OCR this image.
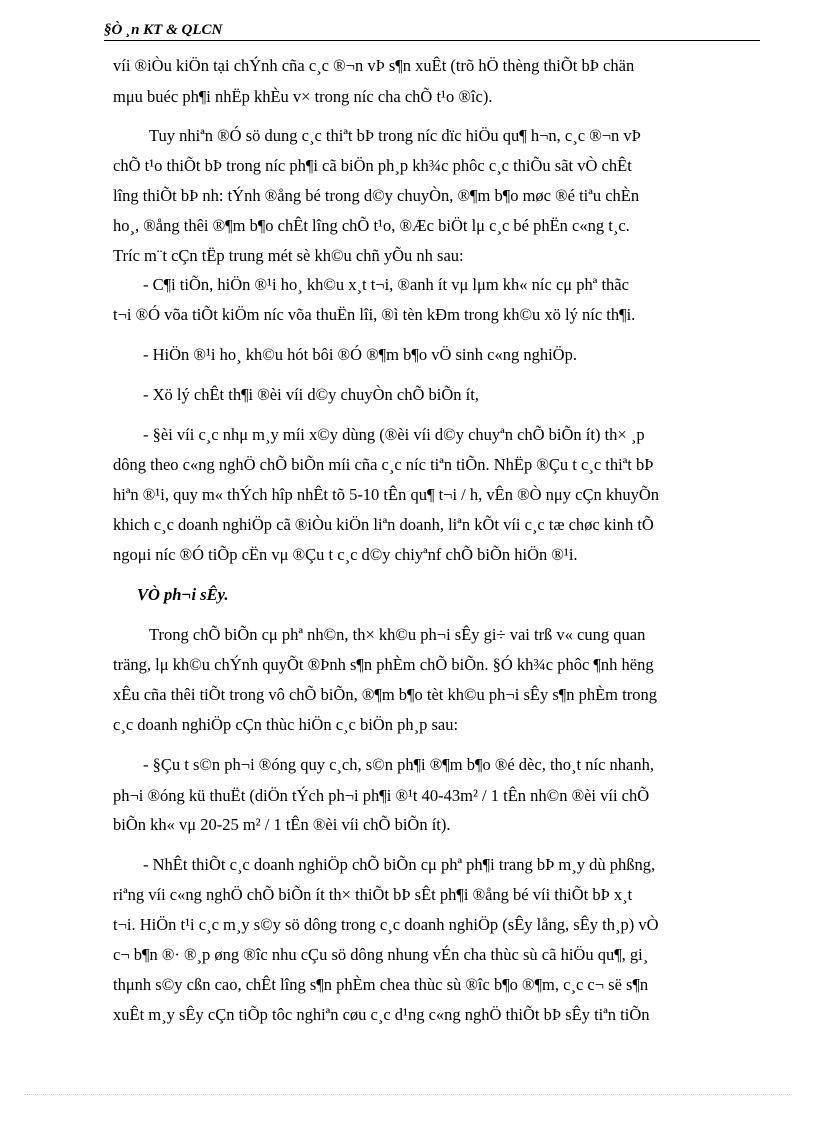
§Ò ¸n KT & QLCN
víi ®iÒu kiÖn tại chÝnh cña c¸c ®¬n vÞ s¶n xuÊt (trõ hÖ thèng thiÕt bÞ chän
mμu buéc ph¶i nhËp khÈu v× trong níc cha chÕ t¹o ®îc).
Tuy nhiªn ®Ó sö dung c¸c thiªt bÞ trong níc dïc hiÖu qu¶ h¬n, c¸c ®¬n vÞ
chÕ t¹o thiÕt bÞ trong níc ph¶i cã biÖn ph¸p kh¾c phôc c¸c thiÕu sãt vÒ chÊt
lîng thiÕt bÞ nh: tÝnh ®ång bé trong d©y chuyÒn, ®¶m b¶o møc ®é tiªu chÈn
ho¸, ®ång thêi ®¶m b¶o chÊt lîng chÕ t¹o, ®Æc biÖt lμ c¸c bé phËn c«ng t¸c.
Tríc m¨t cÇn tËp trung mét sè kh©u chñ yÕu nh sau:
- C¶i tiÕn, hiÖn ®¹i ho¸ kh©u x¸t t¬i, ®anh ít vμ lμm kh« níc cμ phª thãc
t¬i ®Ó võa tiÕt kiÖm níc võa thuËn lîi, ®ì tèn kÐm trong kh©u xö lý níc th¶i.
- HiÖn ®¹i ho¸ kh©u hót bôi ®Ó ®¶m b¶o vÖ sinh c«ng nghiÖp.
- Xö lý chÊt th¶i ®èi víi d©y chuyÒn chÕ biÕn ít,
- §èi víi c¸c nhμ m¸y míi x©y dùng (®èi víi d©y chuyªn chÕ biÕn ít) th× ¸p
dông theo c«ng nghÖ chÕ biÕn míi cña c¸c níc tiªn tiÕn. NhËp ®Çu t c¸c thiªt bÞ
hiªn ®¹i, quy m« thÝch hîp nhÊt tõ 5-10 tÊn qu¶ t¬i / h, vÊn ®Ò nμy cÇn khuyÕn
khich c¸c doanh nghiÖp cã ®iÒu kiÖn liªn doanh, liªn kÕt víi c¸c tæ chøc kinh tÕ
ngoμi níc ®Ó tiÕp cËn vμ ®Çu t c¸c d©y chiyªnf chÕ biÕn hiÖn ®¹i.
VÒ ph¬i sÊy.
Trong chÕ biÕn cμ phª nh©n, th× kh©u ph¬i sÊy gi÷ vai trß v« cung quan
träng, lμ kh©u chÝnh quyÕt ®Þnh s¶n phÈm chÕ biÕn. §Ó kh¾c phôc ¶nh hëng
xÊu cña thêi tiÕt trong vô chÕ biÕn, ®¶m b¶o tèt kh©u ph¬i sÊy s¶n phÈm trong
c¸c doanh nghiÖp cÇn thùc hiÖn c¸c biÖn ph¸p sau:
- §Çu t s©n ph¬i ®óng quy c¸ch, s©n ph¶i ®¶m b¶o ®é dèc, tho¸t níc nhanh,
ph¬i ®óng kü thuËt (diÖn tÝch ph¬i ph¶i ®¹t 40-43m² / 1 tÊn nh©n ®èi víi chÕ
biÕn kh« vμ 20-25 m² / 1 tÊn ®èi víi chÕ biÕn ít).
- NhÊt thiÕt c¸c doanh nghiÖp chÕ biÕn cμ phª ph¶i trang bÞ m¸y dù phßng,
riªng víi c«ng nghÖ chÕ biÕn ít th× thiÕt bÞ sÊt ph¶i ®ång bé víi thiÕt bÞ x¸t
t¬i. HiÖn t¹i c¸c m¸y s©y sö dông trong c¸c doanh nghiÖp (sÊy lång, sÊy th¸p) vÒ
c¬ b¶n ®· ®¸p øng ®îc nhu cÇu sö dông nhung vÉn cha thùc sù cã hiÖu qu¶, gi¸
thμnh s©y cßn cao, chÊt lîng s¶n phÈm chea thùc sù ®îc b¶o ®¶m, c¸c c¬ së s¶n
xuÊt m¸y sÊy cÇn tiÕp tôc nghiªn cøu c¸c d¹ng c«ng nghÖ thiÕt bÞ sÊy tiªn tiÕn
